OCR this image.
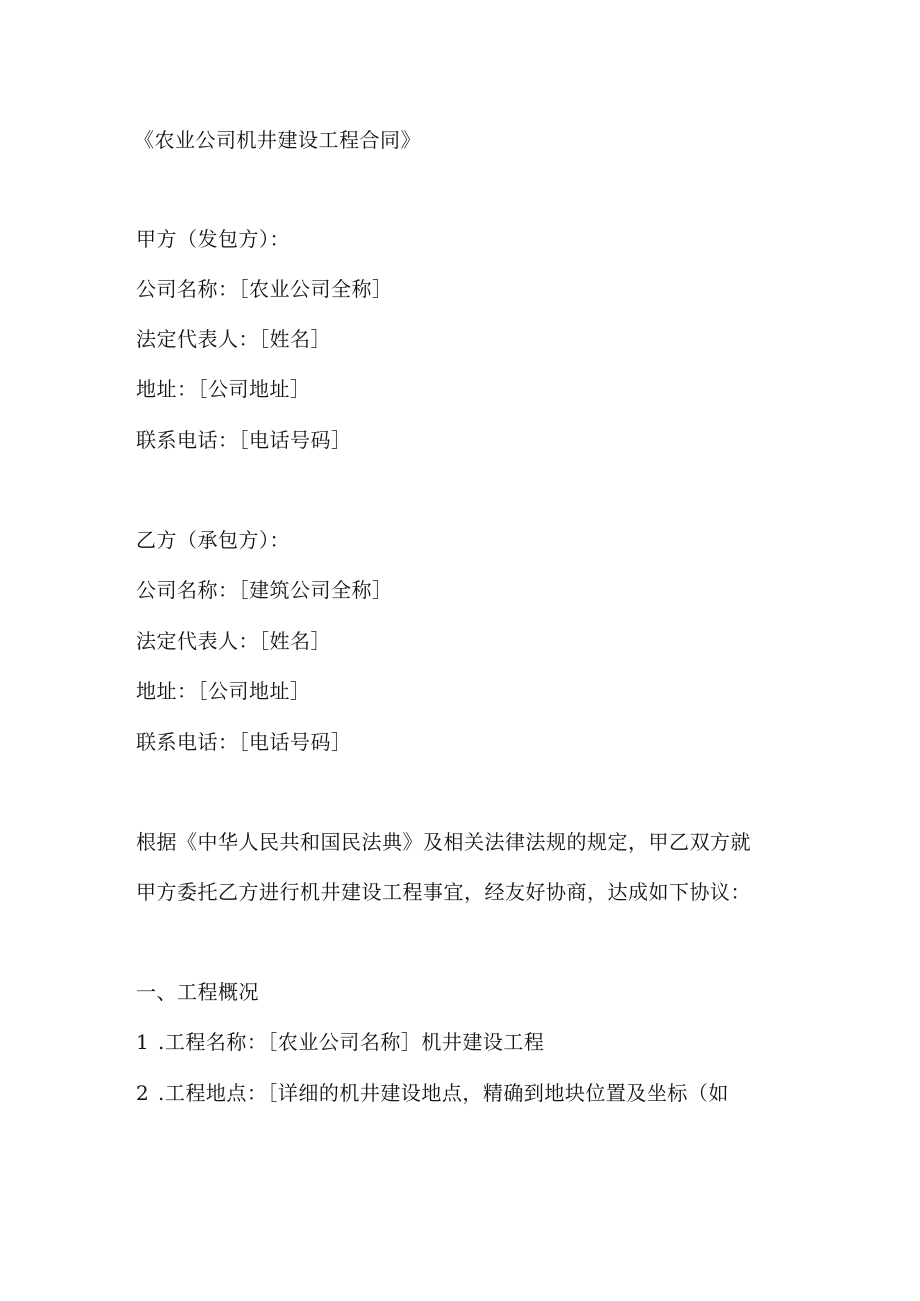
《农业公司机井建设工程合同》
甲方（发包方）：
公司名称：［农业公司全称］
法定代表人：［姓名］
地址：［公司地址］
联系电话：［电话号码］
乙方（承包方）：
公司名称：［建筑公司全称］
法定代表人：［姓名］
地址：［公司地址］
联系电话：［电话号码］
根据《中华人民共和国民法典》及相关法律法规的规定，甲乙双方就
甲方委托乙方进行机井建设工程事宜，经友好协商，达成如下协议：
一、工程概况
1 .工程名称：［农业公司名称］机井建设工程
2 .工程地点：［详细的机井建设地点，精确到地块位置及坐标（如
